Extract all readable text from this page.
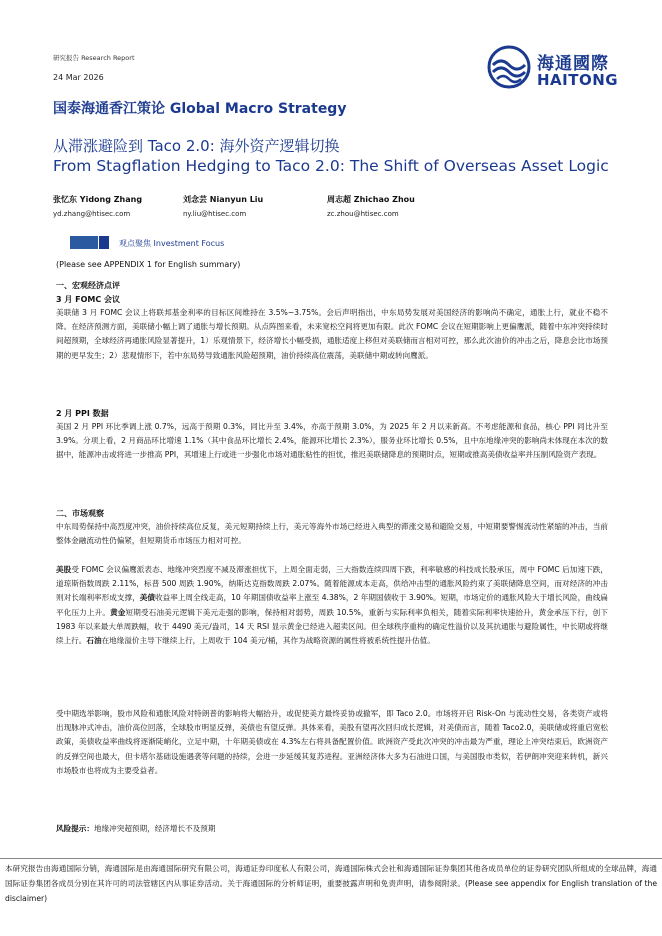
研究报告 Research Report
24 Mar 2026
海通國際
HAITONG
国泰海通香江策论 Global Macro Strategy
从滞涨避险到 Taco 2.0: 海外资产逻辑切换
From Stagflation Hedging to Taco 2.0: The Shift of Overseas Asset Logic
张忆东 Yidong Zhang	刘念芸 Nianyun Liu	周志超 Zhichao Zhou
yd.zhang@htisec.com	ny.liu@htisec.com	zc.zhou@htisec.com
观点聚焦 Investment Focus
(Please see APPENDIX 1 for English summary)
一、宏观经济点评
3 月 FOMC 会议
美联储 3 月 FOMC 会议上将联邦基金利率的目标区间维持在 3.5%~3.75%。会后声明指出，中东局势发展对美国经济的影响尚不确定，通胀上行，就业不稳不降。在经济预测方面，美联储小幅上调了通胀与增长预期。从点阵图来看，未来宽松空间将更加有限。此次 FOMC 会议在短期影响上更偏鹰派，随着中东冲突持续时间超预期，全球经济再通胀风险显著提升，1）乐观情景下，经济增长小幅受损，通胀适度上移但对美联储而言相对可控，那么此次油价的冲击之后，降息会比市场预期的更早发生；2）悲观情形下，若中东局势导致通胀风险超预期，油价持续高位震荡，美联储中期或转向鹰派。
2 月 PPI 数据
美国 2 月 PPI 环比季调上涨 0.7%，远高于预期 0.3%，同比升至 3.4%，亦高于预期 3.0%，为 2025 年 2 月以来新高。不考虑能源和食品，核心 PPI 同比升至 3.9%。分项上看，2 月商品环比增速 1.1%（其中食品环比增长 2.4%，能源环比增长 2.3%），服务业环比增长 0.5%，且中东地缘冲突的影响尚未体现在本次的数据中，能源冲击或将进一步推高 PPI，其增速上行或进一步强化市场对通胀粘性的担忧，推迟美联储降息的预期时点，短期或推高美债收益率并压制风险资产表现。
二、市场观察
中东局势保持中高烈度冲突，油价持续高位反复，美元短期持续上行，美元等海外市场已经进入典型的滞涨交易和避险交易，中短期要警惕流动性紧缩的冲击，当前整体金融流动性仍偏紧，但短期货币市场压力相对可控。
美股受 FOMC 会议偏鹰派表态、地缘冲突烈度不减及滞涨担忧下，上周全面走弱，三大指数连续四周下跌，利率敏感的科技成长股承压，周中 FOMC 后加速下跌，道琼斯指数周跌 2.11%，标普 500 周跌 1.90%，纳斯达克指数周跌 2.07%。随着能源成本走高，供给冲击型的通胀风险约束了美联储降息空间，而对经济的冲击则对长端利率形成支撑，美债收益率上周全线走高，10 年期国债收益率上涨至 4.38%，2 年期国债收于 3.90%。短期，市场定价的通胀风险大于增长风险，曲线扁平化压力上升。黄金短期受石油美元逻辑下美元走强的影响，保持相对弱势，周跌 10.5%，重新与实际利率负相关，随着实际利率快速抬升，黄金承压下行，创下 1983 年以来最大单周跌幅，收于 4490 美元/盎司，14 天 RSI 显示黄金已经进入超卖区间。但全球秩序重构的确定性溢价以及其抗通胀与避险属性，中长期或将继续上行。石油在地缘溢价主导下继续上行，上周收于 104 美元/桶，其作为战略资源的属性将被系统性提升估值。
受中期选举影响，股市风险和通胀风险对特朗普的影响将大幅抬升，或促使美方最终妥协或撤军，即 Taco 2.0。市场将开启 Risk-On 与流动性交易，各类资产或将出现脉冲式冲击，油价高位回落，全球股市明显反弹，美债也有望反弹。具体来看，美股有望再次回归成长逻辑，对美债而言，随着 Taco2.0，美联储或将重启宽松政策，美债收益率曲线将逐渐陡峭化，立足中期，十年期美债或在 4.3%左右将具备配置价值。欧洲资产受此次冲突的冲击最为严重，理论上冲突结束后，欧洲资产的反弹空间也最大，但卡塔尔基础设施遇袭等问题的持续，会进一步延缓其复苏进程。亚洲经济体大多为石油进口国，与美国股市类似，若伊朗冲突迎来转机，新兴市场股市也将成为主要受益者。
风险提示：地缘冲突超预期，经济增长不及预期
本研究报告由海通国际分销，海通国际是由海通国际研究有限公司，海通证券印度私人有限公司，海通国际株式会社和海通国际证券集团其他各成员单位的证券研究团队所组成的全球品牌，海通国际证券集团各成员分别在其许可的司法管辖区内从事证券活动。关于海通国际的分析师证明，重要披露声明和免责声明，请参阅附录。(Please see appendix for English translation of the disclaimer)
